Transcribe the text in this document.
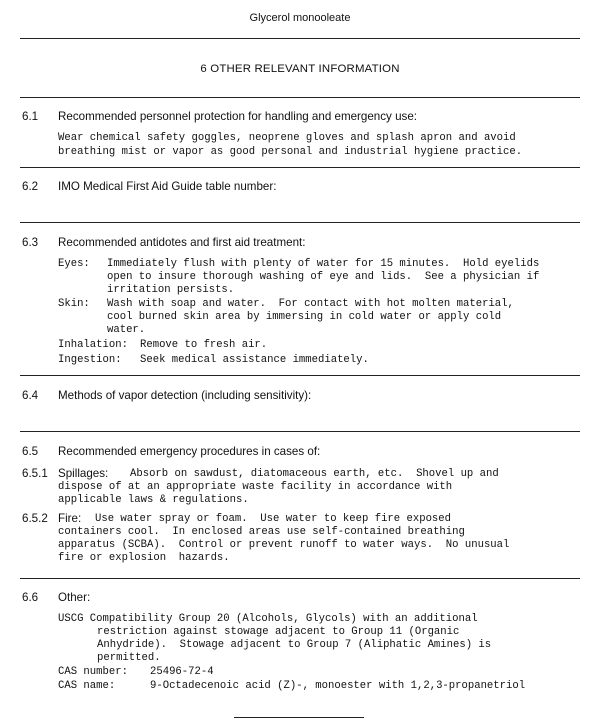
Glycerol monooleate
6 OTHER RELEVANT INFORMATION
6.1 Recommended personnel protection for handling and emergency use:
Wear chemical safety goggles, neoprene gloves and splash apron and avoid
breathing mist or vapor as good personal and industrial hygiene practice.
6.2 IMO Medical First Aid Guide table number:
6.3 Recommended antidotes and first aid treatment:
Eyes: Immediately flush with plenty of water for 15 minutes.  Hold eyelids
open to insure thorough washing of eye and lids.  See a physician if
irritation persists.
Skin: Wash with soap and water.  For contact with hot molten material,
cool burned skin area by immersing in cold water or apply cold
water.
Inhalation: Remove to fresh air.
Ingestion: Seek medical assistance immediately.
6.4 Methods of vapor detection (including sensitivity):
6.5 Recommended emergency procedures in cases of:
6.5.1 Spillages: Absorb on sawdust, diatomaceous earth, etc.  Shovel up and
dispose of at an appropriate waste facility in accordance with
applicable laws & regulations.
6.5.2 Fire: Use water spray or foam.  Use water to keep fire exposed
containers cool.  In enclosed areas use self-contained breathing
apparatus (SCBA).  Control or prevent runoff to water ways.  No unusual
fire or explosion  hazards.
6.6 Other:
USCG Compatibility Group 20 (Alcohols, Glycols) with an additional
restriction against stowage adjacent to Group 11 (Organic
Anhydride).  Stowage adjacent to Group 7 (Aliphatic Amines) is
permitted.
CAS number: 25496-72-4
CAS name:	9-Octadecenoic acid (Z)-, monoester with 1,2,3-propanetriol
